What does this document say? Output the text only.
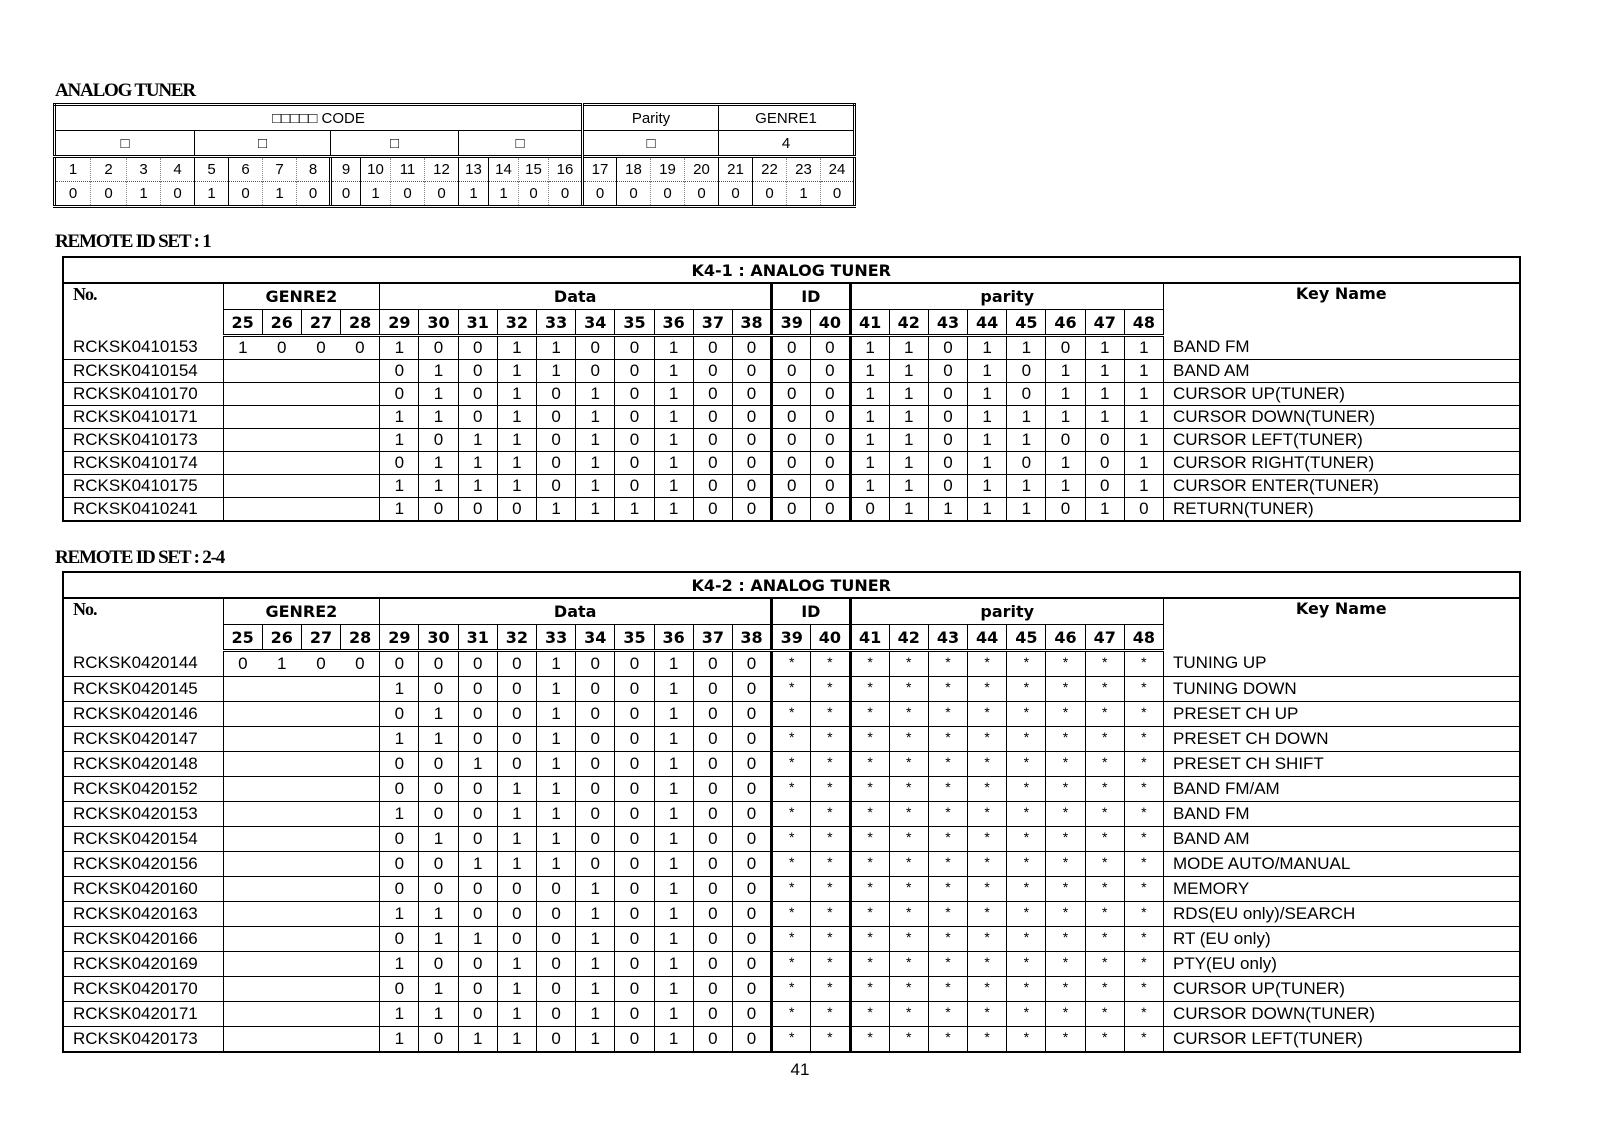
ANALOG TUNER
□□□□□ CODE																Parity				GENRE1			
□				□				□				□				□				4			
1	2	3	4	5	6	7	8	9	10	11	12	13	14	15	16	17	18	19	20	21	22	23	24
0	0	1	0	1	0	1	0	0	1	0	0	1	1	0	0	0	0	0	0	0	0	1	0
REMOTE ID SET : 1
K4-1 : ANALOG TUNER																									
No.	GENRE2				Data										ID		parity								Key Name
	25	26	27	28	29	30	31	32	33	34	35	36	37	38	39	40	41	42	43	44	45	46	47	48	
RCKSK0410153	1	0	0	0	1	0	0	1	1	0	0	1	0	0	0	0	1	1	0	1	1	0	1	1	BAND FM
RCKSK0410154					0	1	0	1	1	0	0	1	0	0	0	0	1	1	0	1	0	1	1	1	BAND AM
RCKSK0410170					0	1	0	1	0	1	0	1	0	0	0	0	1	1	0	1	0	1	1	1	CURSOR UP(TUNER)
RCKSK0410171					1	1	0	1	0	1	0	1	0	0	0	0	1	1	0	1	1	1	1	1	CURSOR DOWN(TUNER)
RCKSK0410173					1	0	1	1	0	1	0	1	0	0	0	0	1	1	0	1	1	0	0	1	CURSOR LEFT(TUNER)
RCKSK0410174					0	1	1	1	0	1	0	1	0	0	0	0	1	1	0	1	0	1	0	1	CURSOR RIGHT(TUNER)
RCKSK0410175					1	1	1	1	0	1	0	1	0	0	0	0	1	1	0	1	1	1	0	1	CURSOR ENTER(TUNER)
RCKSK0410241					1	0	0	0	1	1	1	1	0	0	0	0	0	1	1	1	1	0	1	0	RETURN(TUNER)
REMOTE ID SET : 2-4
K4-2 : ANALOG TUNER																									
No.	GENRE2				Data										ID		parity								Key Name
	25	26	27	28	29	30	31	32	33	34	35	36	37	38	39	40	41	42	43	44	45	46	47	48	
RCKSK0420144	0	1	0	0	0	0	0	0	1	0	0	1	0	0	*	*	*	*	*	*	*	*	*	*	TUNING UP
RCKSK0420145					1	0	0	0	1	0	0	1	0	0	*	*	*	*	*	*	*	*	*	*	TUNING DOWN
RCKSK0420146					0	1	0	0	1	0	0	1	0	0	*	*	*	*	*	*	*	*	*	*	PRESET CH UP
RCKSK0420147					1	1	0	0	1	0	0	1	0	0	*	*	*	*	*	*	*	*	*	*	PRESET CH DOWN
RCKSK0420148					0	0	1	0	1	0	0	1	0	0	*	*	*	*	*	*	*	*	*	*	PRESET CH SHIFT
RCKSK0420152					0	0	0	1	1	0	0	1	0	0	*	*	*	*	*	*	*	*	*	*	BAND FM/AM
RCKSK0420153					1	0	0	1	1	0	0	1	0	0	*	*	*	*	*	*	*	*	*	*	BAND FM
RCKSK0420154					0	1	0	1	1	0	0	1	0	0	*	*	*	*	*	*	*	*	*	*	BAND AM
RCKSK0420156					0	0	1	1	1	0	0	1	0	0	*	*	*	*	*	*	*	*	*	*	MODE AUTO/MANUAL
RCKSK0420160					0	0	0	0	0	1	0	1	0	0	*	*	*	*	*	*	*	*	*	*	MEMORY
RCKSK0420163					1	1	0	0	0	1	0	1	0	0	*	*	*	*	*	*	*	*	*	*	RDS(EU only)/SEARCH
RCKSK0420166					0	1	1	0	0	1	0	1	0	0	*	*	*	*	*	*	*	*	*	*	RT (EU only)
RCKSK0420169					1	0	0	1	0	1	0	1	0	0	*	*	*	*	*	*	*	*	*	*	PTY(EU only)
RCKSK0420170					0	1	0	1	0	1	0	1	0	0	*	*	*	*	*	*	*	*	*	*	CURSOR UP(TUNER)
RCKSK0420171					1	1	0	1	0	1	0	1	0	0	*	*	*	*	*	*	*	*	*	*	CURSOR DOWN(TUNER)
RCKSK0420173					1	0	1	1	0	1	0	1	0	0	*	*	*	*	*	*	*	*	*	*	CURSOR LEFT(TUNER)
41
